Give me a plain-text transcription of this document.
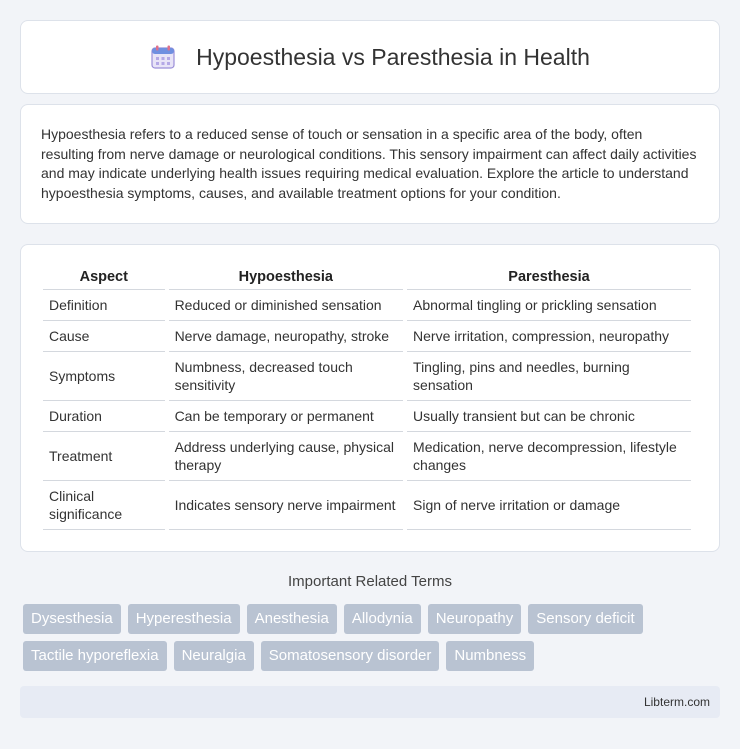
Hypoesthesia vs Paresthesia in Health

Hypoesthesia refers to a reduced sense of touch or sensation in a specific area of the body, often resulting from nerve damage or neurological conditions. This sensory impairment can affect daily activities and may indicate underlying health issues requiring medical evaluation. Explore the article to understand hypoesthesia symptoms, causes, and available treatment options for your condition.

Aspect	Hypoesthesia	Paresthesia
Definition	Reduced or diminished sensation	Abnormal tingling or prickling sensation
Cause	Nerve damage, neuropathy, stroke	Nerve irritation, compression, neuropathy
Symptoms	Numbness, decreased touch sensitivity	Tingling, pins and needles, burning sensation
Duration	Can be temporary or permanent	Usually transient but can be chronic
Treatment	Address underlying cause, physical therapy	Medication, nerve decompression, lifestyle changes
Clinical significance	Indicates sensory nerve impairment	Sign of nerve irritation or damage
Important Related Terms
Dysesthesia	Hyperesthesia	Anesthesia	Allodynia	Neuropathy	Sensory deficit
Tactile hyporeflexia	Neuralgia	Somatosensory disorder	Numbness
Libterm.com
